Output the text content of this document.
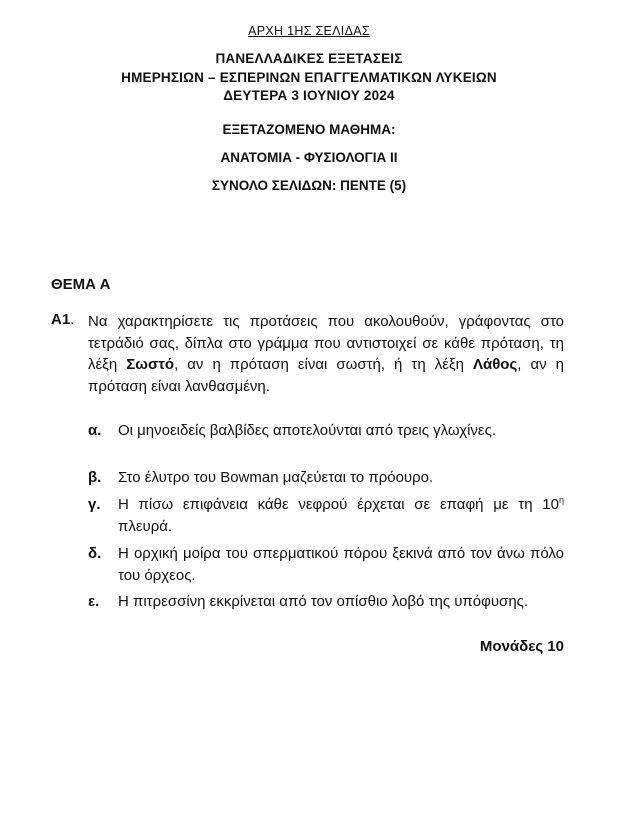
ΑΡΧΗ 1ΗΣ ΣΕΛΙΔΑΣ
ΠΑΝΕΛΛΑΔΙΚΕΣ ΕΞΕΤΑΣΕΙΣ
ΗΜΕΡΗΣΙΩΝ – ΕΣΠΕΡΙΝΩΝ ΕΠΑΓΓΕΛΜΑΤΙΚΩΝ ΛΥΚΕΙΩΝ
ΔΕΥΤΕΡΑ 3 ΙΟΥΝΙΟΥ 2024
ΕΞΕΤΑΖΟΜΕΝΟ ΜΑΘΗΜΑ:
ΑΝΑΤΟΜΙΑ - ΦΥΣΙΟΛΟΓΙΑ ΙΙ
ΣΥΝΟΛΟ ΣΕΛΙΔΩΝ: ΠΕΝΤΕ (5)
ΘΕΜΑ Α
Α1. Να χαρακτηρίσετε τις προτάσεις που ακολουθούν, γράφοντας στο τετράδιό σας, δίπλα στο γράμμα που αντιστοιχεί σε κάθε πρόταση, τη λέξη Σωστό, αν η πρόταση είναι σωστή, ή τη λέξη Λάθος, αν η πρόταση είναι λανθασμένη.

α. Οι μηνοειδείς βαλβίδες αποτελούνται από τρεις γλωχίνες.
β. Στο έλυτρο του Bowman μαζεύεται το πρόουρο.
γ. Η πίσω επιφάνεια κάθε νεφρού έρχεται σε επαφή με τη $10^\eta$ πλευρά.
δ. Η ορχική μοίρα του σπερματικού πόρου ξεκινά από τον άνω πόλο του όρχεος.
ε. Η πιτρεσσίνη εκκρίνεται από τον οπίσθιο λοβό της υπόφυσης.
Μονάδες 10
